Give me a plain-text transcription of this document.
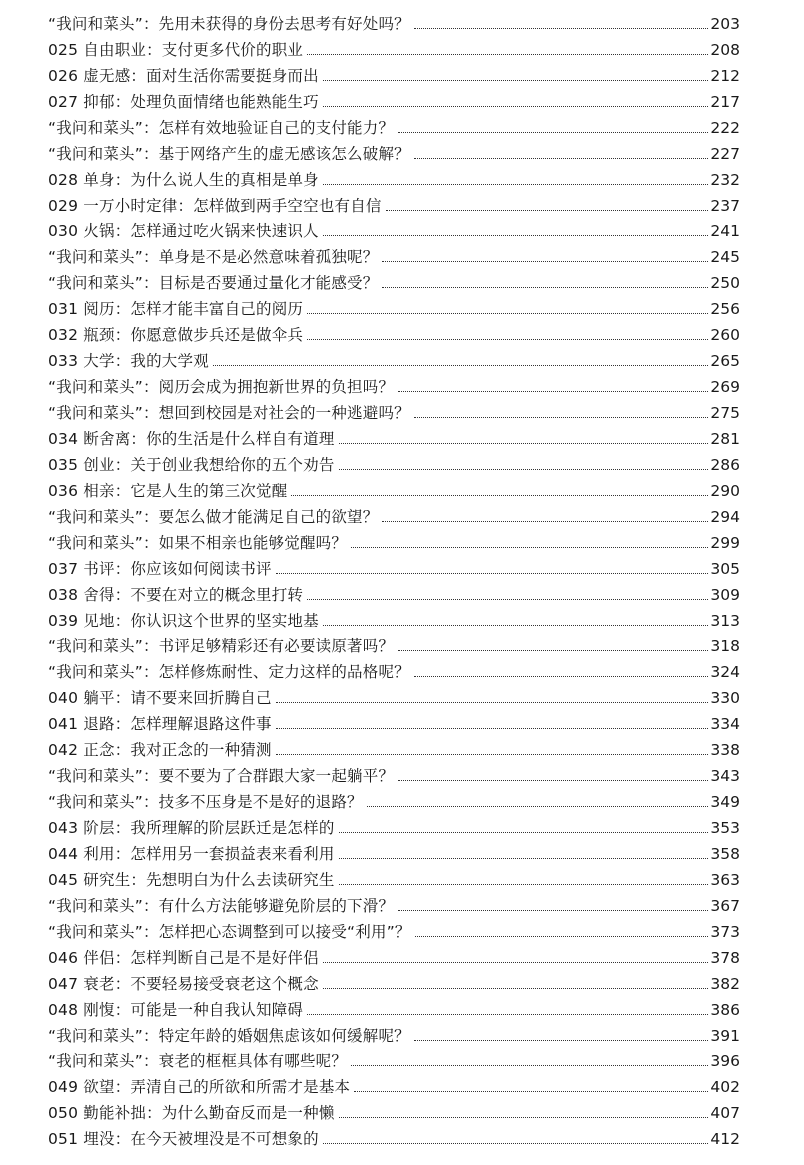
“我问和菜头”：先用未获得的身份去思考有好处吗？	203
025 自由职业：支付更多代价的职业	208
026 虚无感：面对生活你需要挺身而出	212
027 抑郁：处理负面情绪也能熟能生巧	217
“我问和菜头”：怎样有效地验证自己的支付能力？	222
“我问和菜头”：基于网络产生的虚无感该怎么破解？	227
028 单身：为什么说人生的真相是单身	232
029 一万小时定律：怎样做到两手空空也有自信	237
030 火锅：怎样通过吃火锅来快速识人	241
“我问和菜头”：单身是不是必然意味着孤独呢？	245
“我问和菜头”：目标是否要通过量化才能感受？	250
031 阅历：怎样才能丰富自己的阅历	256
032 瓶颈：你愿意做步兵还是做伞兵	260
033 大学：我的大学观	265
“我问和菜头”：阅历会成为拥抱新世界的负担吗？	269
“我问和菜头”：想回到校园是对社会的一种逃避吗？	275
034 断舍离：你的生活是什么样自有道理	281
035 创业：关于创业我想给你的五个劝告	286
036 相亲：它是人生的第三次觉醒	290
“我问和菜头”：要怎么做才能满足自己的欲望？	294
“我问和菜头”：如果不相亲也能够觉醒吗？	299
037 书评：你应该如何阅读书评	305
038 舍得：不要在对立的概念里打转	309
039 见地：你认识这个世界的坚实地基	313
“我问和菜头”：书评足够精彩还有必要读原著吗？	318
“我问和菜头”：怎样修炼耐性、定力这样的品格呢？	324
040 躺平：请不要来回折腾自己	330
041 退路：怎样理解退路这件事	334
042 正念：我对正念的一种猜测	338
“我问和菜头”：要不要为了合群跟大家一起躺平？	343
“我问和菜头”：技多不压身是不是好的退路？	349
043 阶层：我所理解的阶层跃迁是怎样的	353
044 利用：怎样用另一套损益表来看利用	358
045 研究生：先想明白为什么去读研究生	363
“我问和菜头”：有什么方法能够避免阶层的下滑？	367
“我问和菜头”：怎样把心态调整到可以接受“利用”？	373
046 伴侣：怎样判断自己是不是好伴侣	378
047 衰老：不要轻易接受衰老这个概念	382
048 刚愎：可能是一种自我认知障碍	386
“我问和菜头”：特定年龄的婚姻焦虑该如何缓解呢？	391
“我问和菜头”：衰老的框框具体有哪些呢？	396
049 欲望：弄清自己的所欲和所需才是基本	402
050 勤能补拙：为什么勤奋反而是一种懒	407
051 埋没：在今天被埋没是不可想象的	412
